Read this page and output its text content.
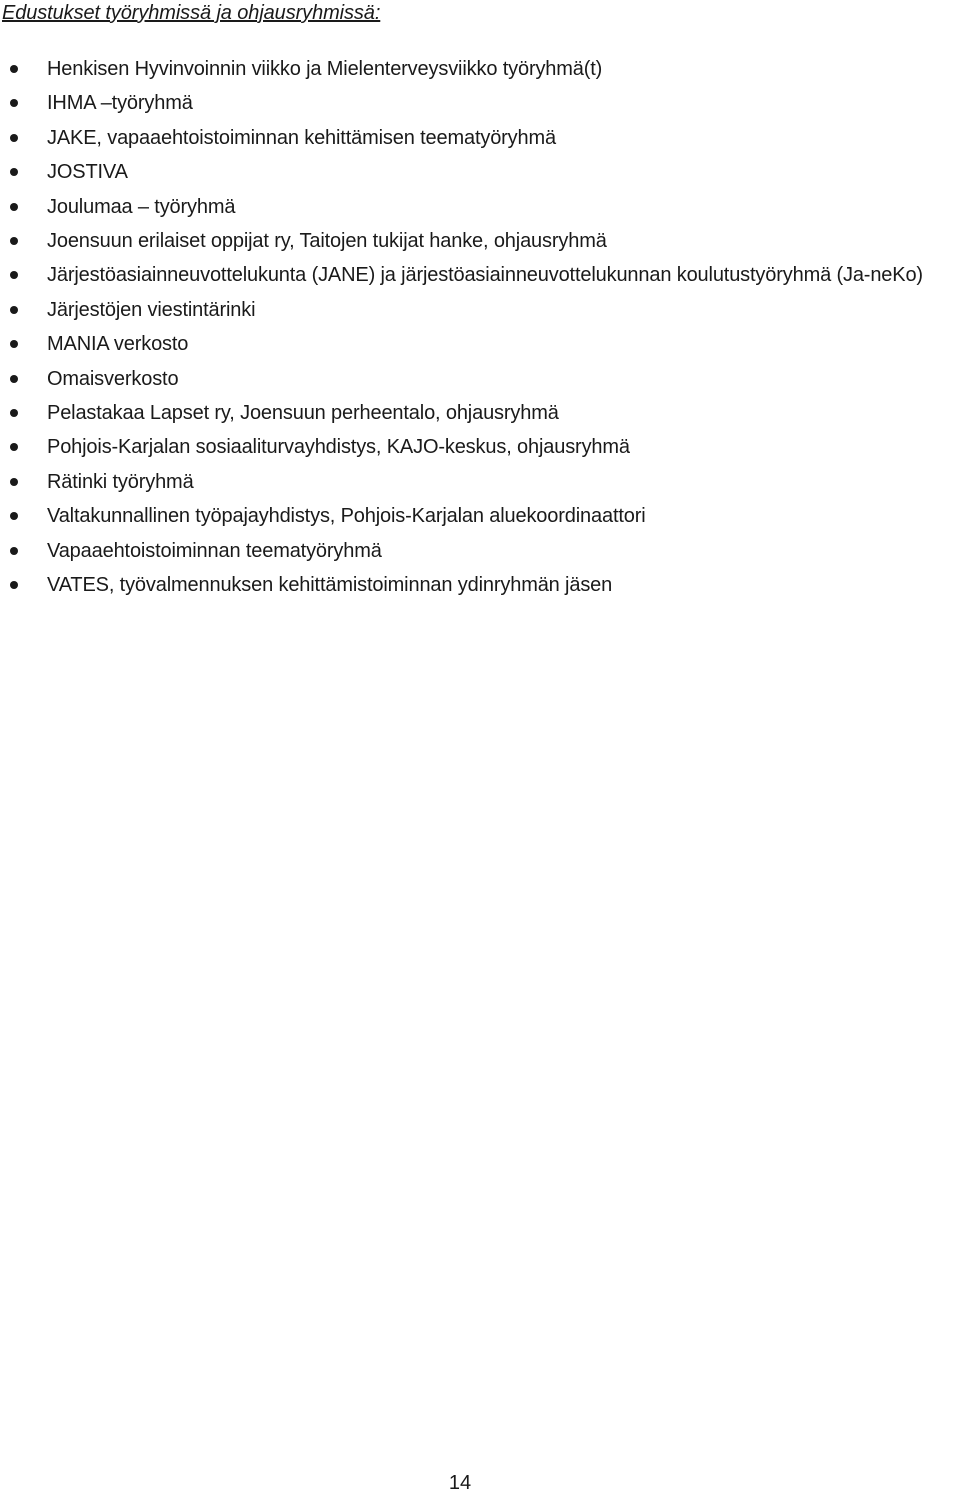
Edustukset työryhmissä ja ohjausryhmissä:
Henkisen Hyvinvoinnin viikko ja Mielenterveysviikko työryhmä(t)
IHMA –työryhmä
JAKE, vapaaehtoistoiminnan kehittämisen teematyöryhmä
JOSTIVA
Joulumaa – työryhmä
Joensuun erilaiset oppijat ry, Taitojen tukijat hanke, ohjausryhmä
Järjestöasiainneuvottelukunta (JANE) ja järjestöasiainneuvottelukunnan koulutustyöryhmä (Ja-neKo)
Järjestöjen viestintärinki
MANIA verkosto
Omaisverkosto
Pelastakaa Lapset ry, Joensuun perheentalo, ohjausryhmä
Pohjois-Karjalan sosiaaliturvayhdistys, KAJO-keskus, ohjausryhmä
Rätinki työryhmä
Valtakunnallinen työpajayhdistys, Pohjois-Karjalan aluekoordinaattori
Vapaaehtoistoiminnan teematyöryhmä
VATES, työvalmennuksen kehittämistoiminnan ydinryhmän jäsen
14
